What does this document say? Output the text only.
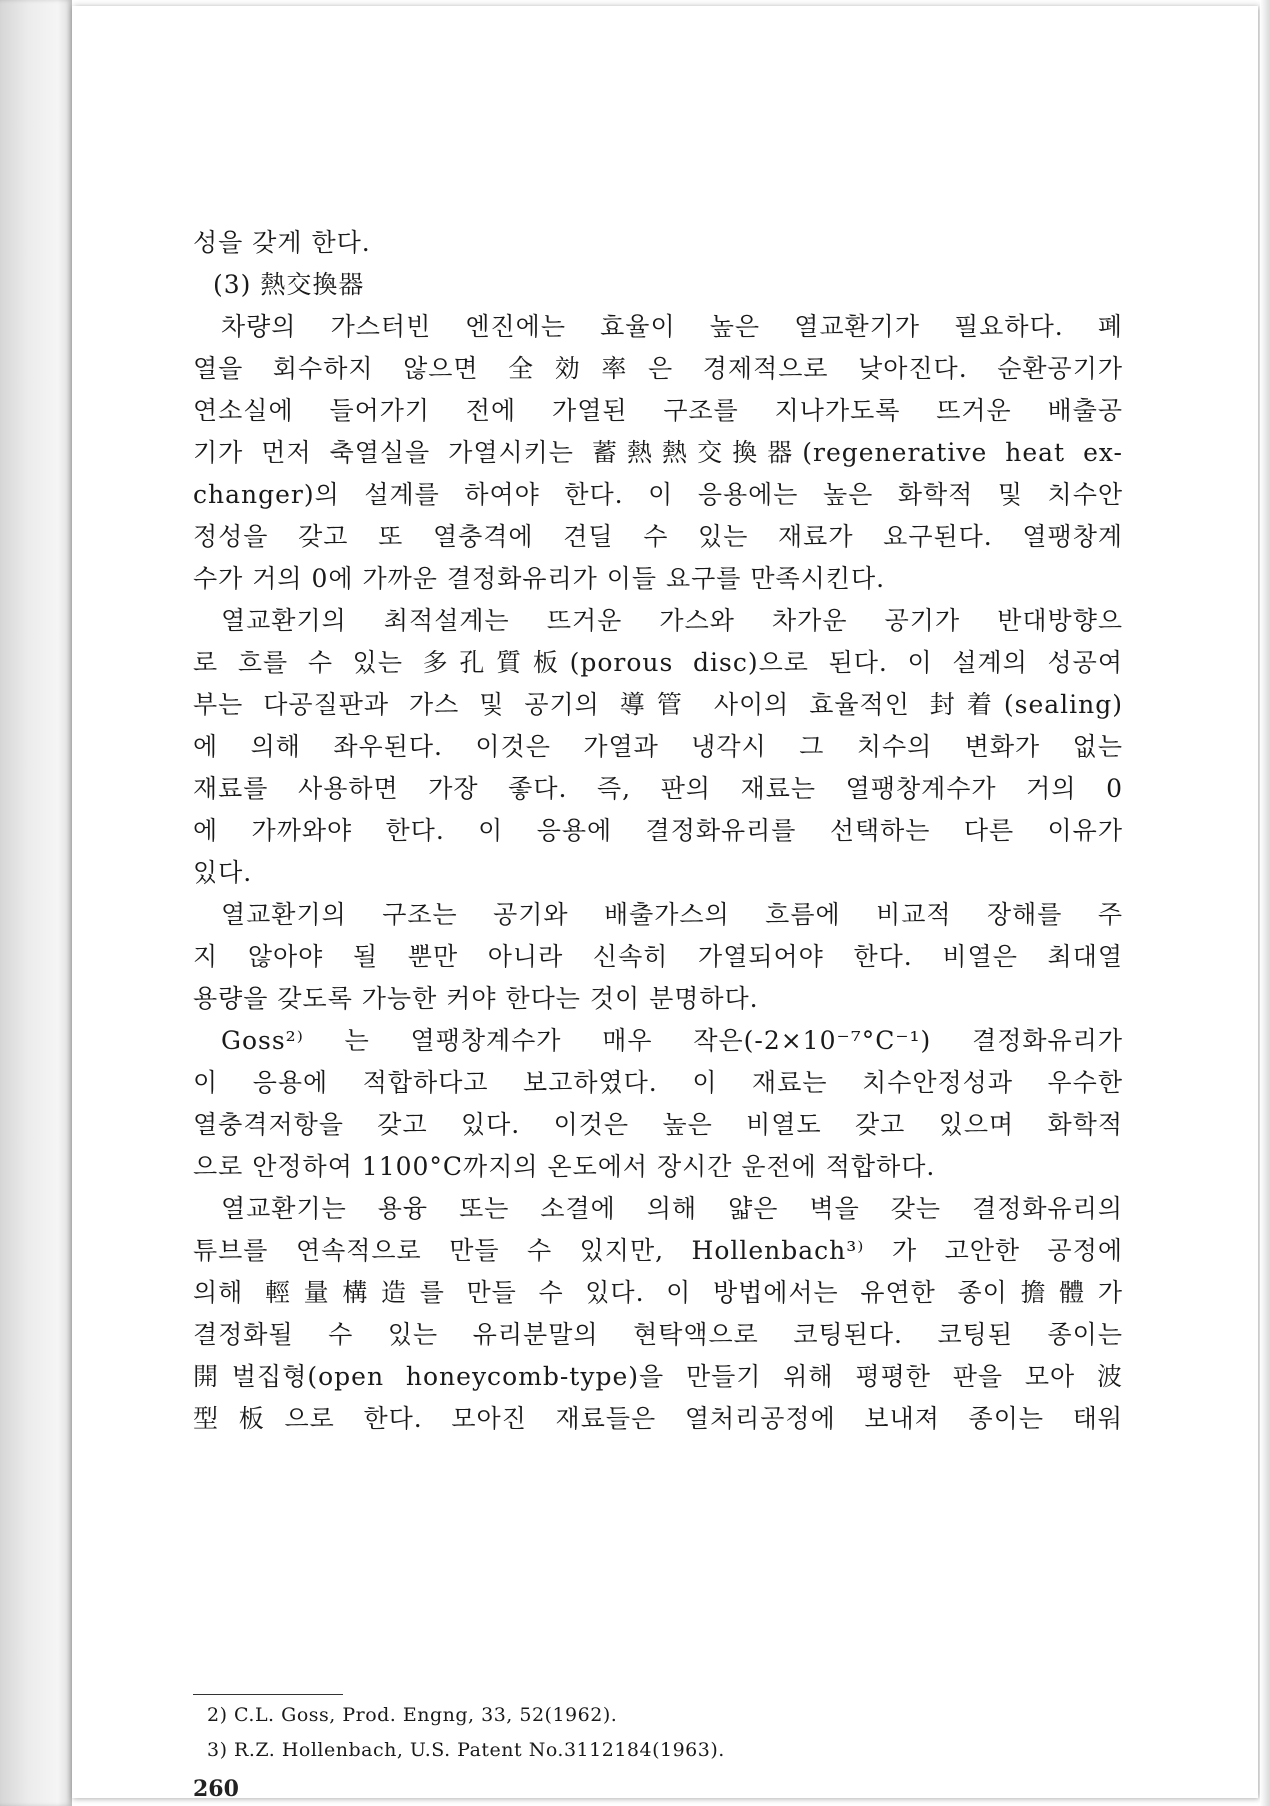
성을 갖게 한다.
(3) 熱交換器
차량의 가스터빈 엔진에는 효율이 높은 열교환기가 필요하다. 폐
열을 회수하지 않으면 全効率은 경제적으로 낮아진다. 순환공기가
연소실에 들어가기 전에 가열된 구조를 지나가도록 뜨거운 배출공
기가 먼저 축열실을 가열시키는 蓄熱熱交換器(regenerative heat ex-
changer)의 설계를 하여야 한다. 이 응용에는 높은 화학적 및 치수안
정성을 갖고 또 열충격에 견딜 수 있는 재료가 요구된다. 열팽창계
수가 거의 0에 가까운 결정화유리가 이들 요구를 만족시킨다.
열교환기의 최적설계는 뜨거운 가스와 차가운 공기가 반대방향으
로 흐를 수 있는 多孔質板(porous disc)으로 된다. 이 설계의 성공여
부는 다공질판과 가스 및 공기의 導管 사이의 효율적인 封着(sealing)
에 의해 좌우된다. 이것은 가열과 냉각시 그 치수의 변화가 없는
재료를 사용하면 가장 좋다. 즉, 판의 재료는 열팽창계수가 거의 0
에 가까와야 한다. 이 응용에 결정화유리를 선택하는 다른 이유가
있다.
열교환기의 구조는 공기와 배출가스의 흐름에 비교적 장해를 주
지 않아야 될 뿐만 아니라 신속히 가열되어야 한다. 비열은 최대열
용량을 갖도록 가능한 커야 한다는 것이 분명하다.
Goss²⁾ 는 열팽창계수가 매우 작은(-2×10⁻⁷°C⁻¹) 결정화유리가
이 응용에 적합하다고 보고하였다. 이 재료는 치수안정성과 우수한
열충격저항을 갖고 있다. 이것은 높은 비열도 갖고 있으며 화학적
으로 안정하여 1100°C까지의 온도에서 장시간 운전에 적합하다.
열교환기는 용융 또는 소결에 의해 얇은 벽을 갖는 결정화유리의
튜브를 연속적으로 만들 수 있지만, Hollenbach³⁾ 가 고안한 공정에
의해 輕量構造를 만들 수 있다. 이 방법에서는 유연한 종이擔體가
결정화될 수 있는 유리분말의 현탁액으로 코팅된다. 코팅된 종이는
開벌집형(open honeycomb-type)을 만들기 위해 평평한 판을 모아 波
型板으로 한다. 모아진 재료들은 열처리공정에 보내져 종이는 태워
2) C.L. Goss, Prod. Engng, 33, 52(1962).
3) R.Z. Hollenbach, U.S. Patent No.3112184(1963).
260
